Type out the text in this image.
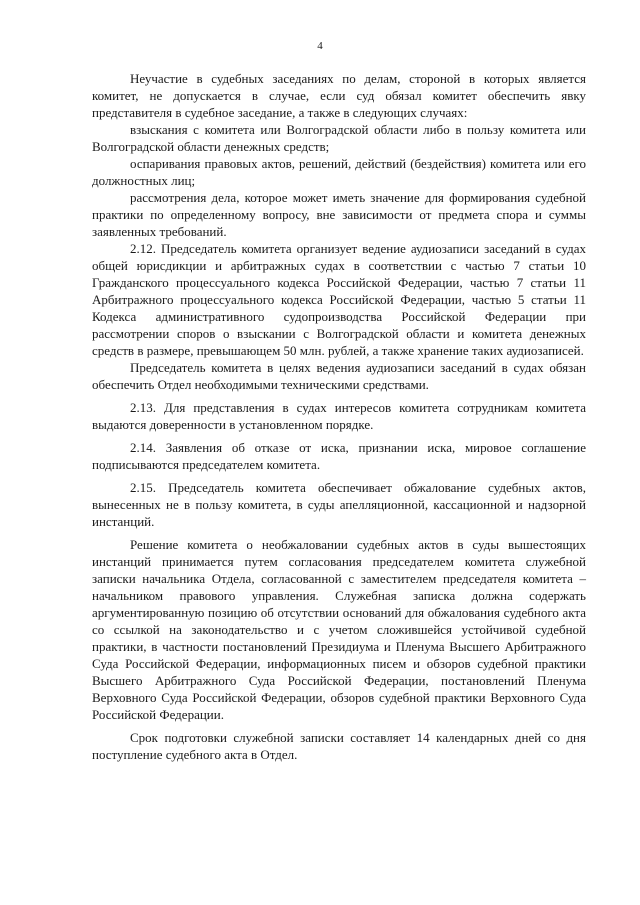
4

Неучастие в судебных заседаниях по делам, стороной в которых является комитет, не допускается в случае, если суд обязал комитет обеспечить явку представителя в судебное заседание, а также в следующих случаях:

взыскания с комитета или Волгоградской области либо в пользу комитета или Волгоградской области денежных средств;

оспаривания правовых актов, решений, действий (бездействия) комитета или его должностных лиц;

рассмотрения дела, которое может иметь значение для формирования судебной практики по определенному вопросу, вне зависимости от предмета спора и суммы заявленных требований.

2.12. Председатель комитета организует ведение аудиозаписи заседаний в судах общей юрисдикции и арбитражных судах в соответствии с частью 7 статьи 10 Гражданского процессуального кодекса Российской Федерации, частью 7 статьи 11 Арбитражного процессуального кодекса Российской Федерации, частью 5 статьи 11 Кодекса административного судопроизводства Российской Федерации при рассмотрении споров о взыскании с Волгоградской области и комитета денежных средств в размере, превышающем 50 млн. рублей, а также хранение таких аудиозаписей.

Председатель комитета в целях ведения аудиозаписи заседаний в судах обязан обеспечить Отдел необходимыми техническими средствами.

2.13. Для представления в судах интересов комитета сотрудникам комитета выдаются доверенности в установленном порядке.

2.14. Заявления об отказе от иска, признании иска, мировое соглашение подписываются председателем комитета.

2.15. Председатель комитета обеспечивает обжалование судебных актов, вынесенных не в пользу комитета, в суды апелляционной, кассационной и надзорной инстанций.

Решение комитета о необжаловании судебных актов в суды вышестоящих инстанций принимается путем согласования председателем комитета служебной записки начальника Отдела, согласованной с заместителем председателя комитета – начальником правового управления. Служебная записка должна содержать аргументированную позицию об отсутствии оснований для обжалования судебного акта со ссылкой на законодательство и с учетом сложившейся устойчивой судебной практики, в частности постановлений Президиума и Пленума Высшего Арбитражного Суда Российской Федерации, информационных писем и обзоров судебной практики Высшего Арбитражного Суда Российской Федерации, постановлений Пленума Верховного Суда Российской Федерации, обзоров судебной практики Верховного Суда Российской Федерации.

Срок подготовки служебной записки составляет 14 календарных дней со дня поступление судебного акта в Отдел.
